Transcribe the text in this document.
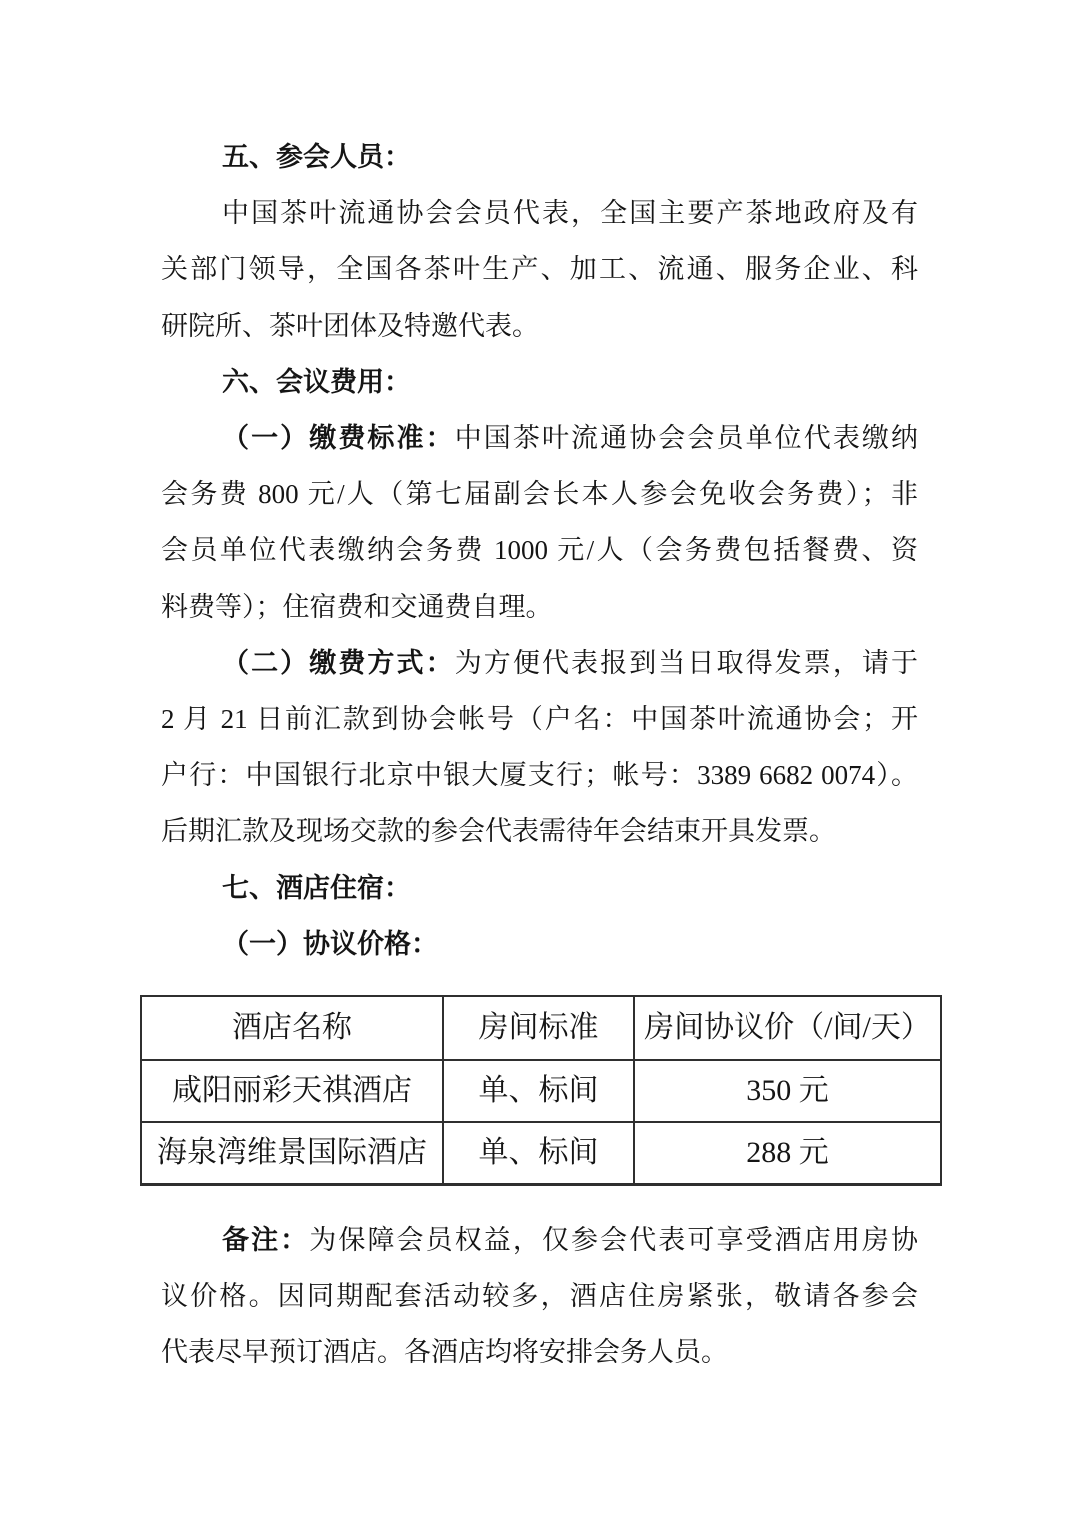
五、参会人员：
中国茶叶流通协会会员代表，全国主要产茶地政府及有
关部门领导，全国各茶叶生产、加工、流通、服务企业、科
研院所、茶叶团体及特邀代表。
六、会议费用：
（一）缴费标准：中国茶叶流通协会会员单位代表缴纳
会务费 800 元/人（第七届副会长本人参会免收会务费）；非
会员单位代表缴纳会务费 1000 元/人（会务费包括餐费、资
料费等）；住宿费和交通费自理。
（二）缴费方式：为方便代表报到当日取得发票，请于
2 月 21 日前汇款到协会帐号（户名：中国茶叶流通协会；开
户行：中国银行北京中银大厦支行；帐号：3389 6682 0074）。
后期汇款及现场交款的参会代表需待年会结束开具发票。
七、酒店住宿：
（一）协议价格：
酒店名称	房间标准	房间协议价（/间/天）
咸阳丽彩天祺酒店	单、标间	350 元
海泉湾维景国际酒店	单、标间	288 元
备注：为保障会员权益，仅参会代表可享受酒店用房协
议价格。因同期配套活动较多，酒店住房紧张，敬请各参会
代表尽早预订酒店。各酒店均将安排会务人员。
